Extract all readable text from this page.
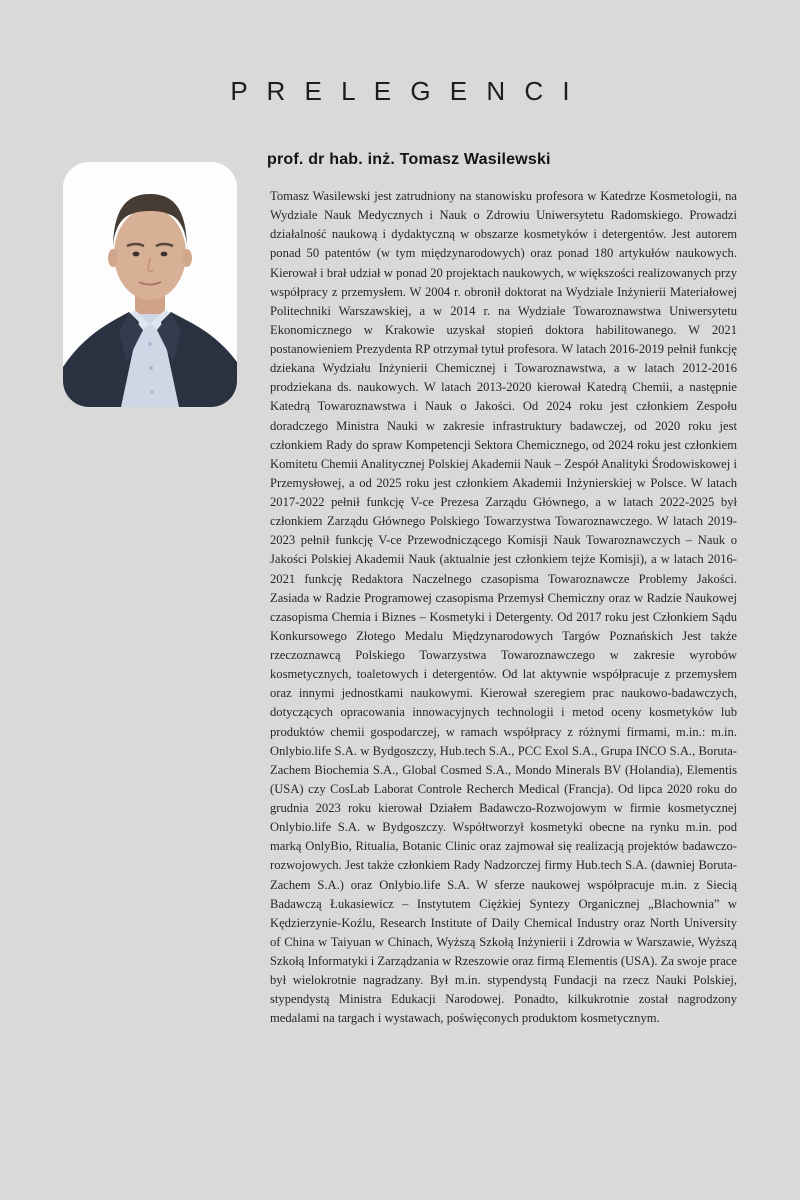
P R E L E G E N C I
prof. dr hab. inż. Tomasz Wasilewski

Tomasz Wasilewski jest zatrudniony na stanowisku profesora w Katedrze Kosmetologii, na Wydziale Nauk Medycznych i Nauk o Zdrowiu Uniwersytetu Radomskiego. Prowadzi działalność naukową i dydaktyczną w obszarze kosmetyków i detergentów. Jest autorem ponad 50 patentów (w tym międzynarodowych) oraz ponad 180 artykułów naukowych. Kierował i brał udział w ponad 20 projektach naukowych, w większości realizowanych przy współpracy z przemysłem. W 2004 r. obronił doktorat na Wydziale Inżynierii Materiałowej Politechniki Warszawskiej, a w 2014 r. na Wydziale Towaroznawstwa Uniwersytetu Ekonomicznego w Krakowie uzyskał stopień doktora habilitowanego. W 2021 postanowieniem Prezydenta RP otrzymał tytuł profesora. W latach 2016-2019 pełnił funkcję dziekana Wydziału Inżynierii Chemicznej i Towaroznawstwa, a w latach 2012-2016 prodziekana ds. naukowych. W latach 2013-2020 kierował Katedrą Chemii, a następnie Katedrą Towaroznawstwa i Nauk o Jakości. Od 2024 roku jest członkiem Zespołu doradczego Ministra Nauki w zakresie infrastruktury badawczej, od 2020 roku jest członkiem Rady do spraw Kompetencji Sektora Chemicznego, od 2024 roku jest członkiem Komitetu Chemii Analitycznej Polskiej Akademii Nauk – Zespół Analityki Środowiskowej i Przemysłowej, a od 2025 roku jest członkiem Akademii Inżynierskiej w Polsce. W latach 2017-2022 pełnił funkcję V-ce Prezesa Zarządu Głównego, a w latach 2022-2025 był członkiem Zarządu Głównego Polskiego Towarzystwa Towaroznawczego. W latach 2019-2023 pełnił funkcję V-ce Przewodniczącego Komisji Nauk Towaroznawczych – Nauk o Jakości Polskiej Akademii Nauk (aktualnie jest członkiem tejże Komisji), a w latach 2016-2021 funkcję Redaktora Naczelnego czasopisma Towaroznawcze Problemy Jakości. Zasiada w Radzie Programowej czasopisma Przemysł Chemiczny oraz w Radzie Naukowej czasopisma Chemia i Biznes – Kosmetyki i Detergenty. Od 2017 roku jest Członkiem Sądu Konkursowego Złotego Medalu Międzynarodowych Targów Poznańskich Jest także rzeczoznawcą Polskiego Towarzystwa Towaroznawczego w zakresie wyrobów kosmetycznych, toaletowych i detergentów. Od lat aktywnie współpracuje z przemysłem oraz innymi jednostkami naukowymi. Kierował szeregiem prac naukowo-badawczych, dotyczących opracowania innowacyjnych technologii i metod oceny kosmetyków lub produktów chemii gospodarczej, w ramach współpracy z różnymi firmami, m.in.: m.in. Onlybio.life S.A. w Bydgoszczy, Hub.tech S.A., PCC Exol S.A., Grupa INCO S.A., Boruta-Zachem Biochemia S.A., Global Cosmed S.A., Mondo Minerals BV (Holandia), Elementis (USA) czy CosLab Laborat Controle Recherch Medical (Francja). Od lipca 2020 roku do grudnia 2023 roku kierował Działem Badawczo-Rozwojowym w firmie kosmetycznej Onlybio.life S.A. w Bydgoszczy. Współtworzył kosmetyki obecne na rynku m.in. pod marką OnlyBio, Ritualia, Botanic Clinic oraz zajmował się realizacją projektów badawczo-rozwojowych. Jest także członkiem Rady Nadzorczej firmy Hub.tech S.A. (dawniej Boruta-Zachem S.A.) oraz Onlybio.life S.A. W sferze naukowej współpracuje m.in. z Siecią Badawczą Łukasiewicz – Instytutem Ciężkiej Syntezy Organicznej „Blachownia” w Kędzierzynie-Koźlu, Research Institute of Daily Chemical Industry oraz North University of China w Taiyuan w Chinach, Wyższą Szkołą Inżynierii i Zdrowia w Warszawie, Wyższą Szkołą Informatyki i Zarządzania w Rzeszowie oraz firmą Elementis (USA). Za swoje prace był wielokrotnie nagradzany. Był m.in. stypendystą Fundacji na rzecz Nauki Polskiej, stypendystą Ministra Edukacji Narodowej. Ponadto, kilkukrotnie został nagrodzony medalami na targach i wystawach, poświęconych produktom kosmetycznym.
